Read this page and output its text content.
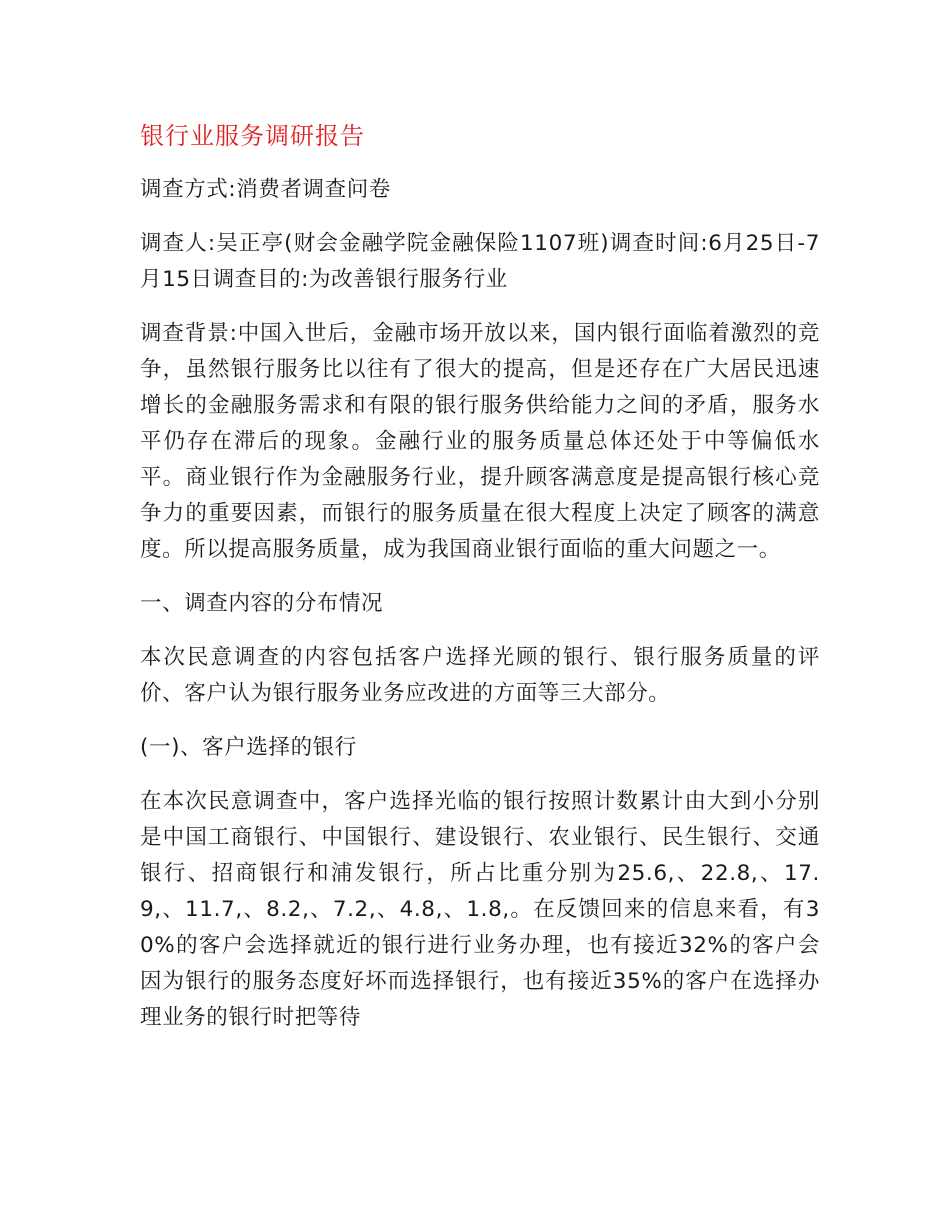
银行业服务调研报告

调查方式:消费者调查问卷

调查人:吴正亭(财会金融学院金融保险1107班)调查时间:6月25日-7月15日调查目的:为改善银行服务行业

调查背景:中国入世后，金融市场开放以来，国内银行面临着激烈的竞争，虽然银行服务比以往有了很大的提高，但是还存在广大居民迅速增长的金融服务需求和有限的银行服务供给能力之间的矛盾，服务水平仍存在滞后的现象。金融行业的服务质量总体还处于中等偏低水平。商业银行作为金融服务行业，提升顾客满意度是提高银行核心竞争力的重要因素，而银行的服务质量在很大程度上决定了顾客的满意度。所以提高服务质量，成为我国商业银行面临的重大问题之一。

一、调查内容的分布情况

本次民意调查的内容包括客户选择光顾的银行、银行服务质量的评价、客户认为银行服务业务应改进的方面等三大部分。

(一)、客户选择的银行

在本次民意调查中，客户选择光临的银行按照计数累计由大到小分别是中国工商银行、中国银行、建设银行、农业银行、民生银行、交通银行、招商银行和浦发银行，所占比重分别为25.6,、22.8,、17.9,、11.7,、8.2,、7.2,、4.8,、1.8,。在反馈回来的信息来看，有30%的客户会选择就近的银行进行业务办理，也有接近32%的客户会因为银行的服务态度好坏而选择银行，也有接近35%的客户在选择办理业务的银行时把等待
